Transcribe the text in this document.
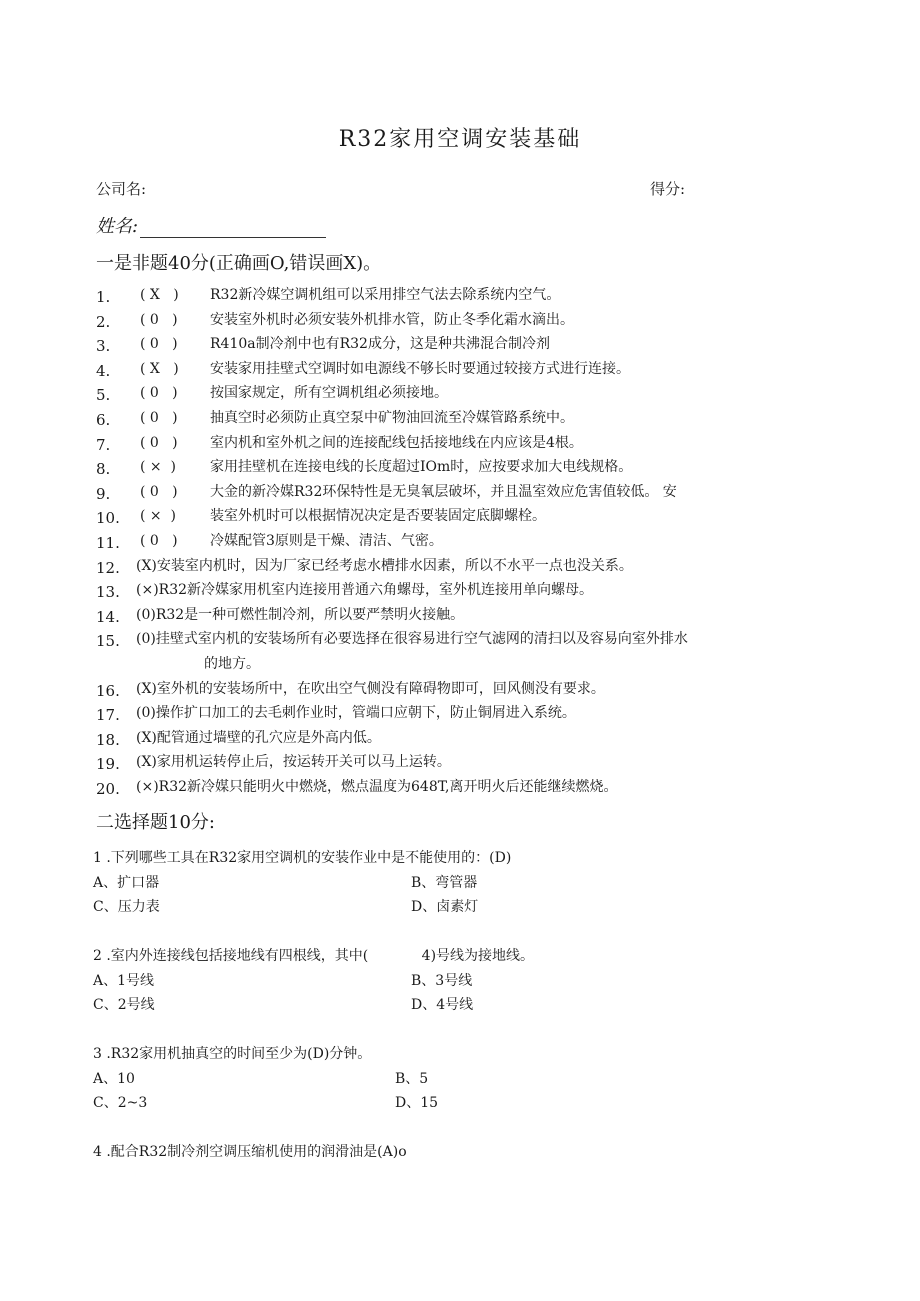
R32家用空调安装基础
公司名:	得分:
姓名:
一是非题40分(正确画O,错误画X)。
1. ( X   ) R32新冷媒空调机组可以采用排空气法去除系统内空气。
2. ( 0   ) 安装室外机时必须安装外机排水管，防止冬季化霜水滴出。
3. ( 0   ) R410a制冷剂中也有R32成分，这是种共沸混合制冷剂
4. ( X   ) 安装家用挂壁式空调时如电源线不够长时要通过较接方式进行连接。
5. ( 0   ) 按国家规定，所有空调机组必须接地。
6. ( 0   ) 抽真空时必须防止真空泵中矿物油回流至冷媒管路系统中。
7. ( 0   ) 室内机和室外机之间的连接配线包括接地线在内应该是4根。
8. ( ×  ) 家用挂壁机在连接电线的长度超过IOm时，应按要求加大电线规格。
9. ( 0   ) 大金的新冷媒R32环保特性是无臭氧层破坏，并且温室效应危害值较低。 安
10. ( ×  ) 装室外机时可以根据情况决定是否要装固定底脚螺栓。
11. ( 0   ) 冷媒配管3原则是干燥、清洁、气密。
12. (X)安装室内机时，因为厂家已经考虑水槽排水因素，所以不水平一点也没关系。
13. (×)R32新冷媒家用机室内连接用普通六角螺母，室外机连接用单向螺母。
14. (0)R32是一种可燃性制冷剂，所以要严禁明火接触。
15. (0)挂壁式室内机的安装场所有必要选择在很容易进行空气滤网的清扫以及容易向室外排水
的地方。
16. (X)室外机的安装场所中，在吹出空气侧没有障碍物即可，回风侧没有要求。
17. (0)操作扩口加工的去毛刺作业时，管端口应朝下，防止铜屑进入系统。
18. (X)配管通过墙壁的孔穴应是外高内低。
19. (X)家用机运转停止后，按运转开关可以马上运转。
20. (×)R32新冷媒只能明火中燃烧，燃点温度为648T,离开明火后还能继续燃烧。
二选择题10分:
1 .下列哪些工具在R32家用空调机的安装作业中是不能使用的：(D)
A、扩口器	B、弯管器
C、压力表	D、卤素灯
2 .室内外连接线包括接地线有四根线，其中(            4)号线为接地线。
A、1号线	B、3号线
C、2号线	D、4号线
3 .R32家用机抽真空的时间至少为(D)分钟。
A、10	B、5
C、2~3	D、15
4 .配合R32制冷剂空调压缩机使用的润滑油是(A)o
